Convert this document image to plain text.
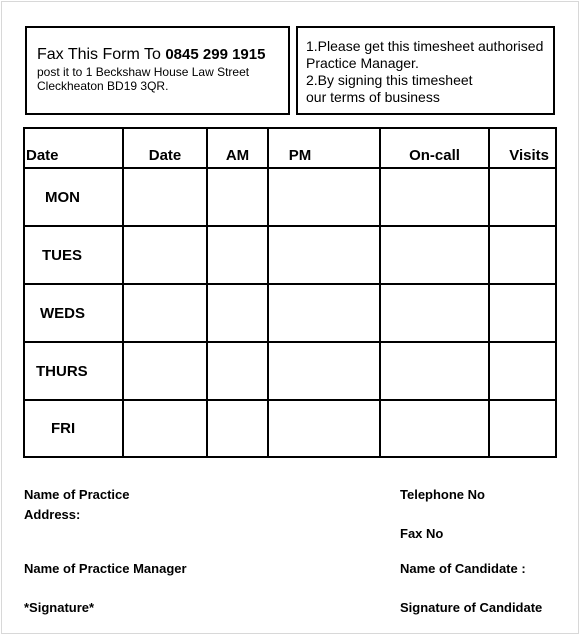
Fax This Form To 0845 299 1915
post it to 1 Beckshaw House Law Street
Cleckheaton BD19 3QR.
1.Please get this timesheet authorised
Practice Manager.
2.By signing this timesheet
our terms of business
Date	Date	AM	PM	On-call	Visits
MON
TUES
WEDS
THURS
FRI
Name of Practice
Address:
Name of Practice Manager
*Signature*
Telephone No
Fax No
Name of Candidate :
Signature of Candidate
